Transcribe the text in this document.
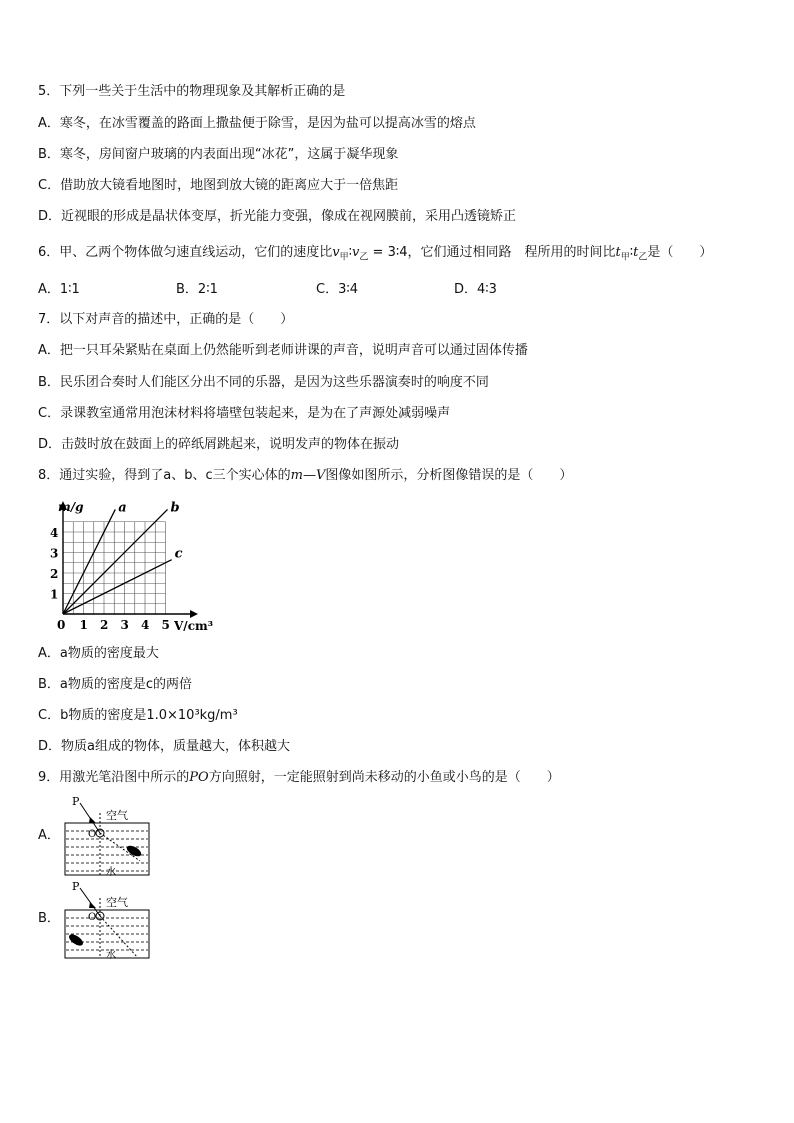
5．下列一些关于生活中的物理现象及其解析正确的是
A．寒冬，在冰雪覆盖的路面上撒盐便于除雪，是因为盐可以提高冰雪的熔点
B．寒冬，房间窗户玻璃的内表面出现“冰花”，这属于凝华现象
C．借助放大镜看地图时，地图到放大镜的距离应大于一倍焦距
D．近视眼的形成是晶状体变厚，折光能力变强，像成在视网膜前，采用凸透镜矫正
6．甲、乙两个物体做匀速直线运动，它们的速度比$v_甲∶v_乙$ = 3∶4，它们通过相同路　程所用的时间比$t_甲∶t_乙$是（　　）
A．1∶1	B．2∶1	C．3∶4	D．4∶3
7．以下对声音的描述中，正确的是（　　）
A．把一只耳朵紧贴在桌面上仍然能听到老师讲课的声音，说明声音可以通过固体传播
B．民乐团合奏时人们能区分出不同的乐器，是因为这些乐器演奏时的响度不同
C．录课教室通常用泡沫材料将墙壁包装起来，是为在了声源处减弱噪声
D．击鼓时放在鼓面上的碎纸屑跳起来，说明发声的物体在振动
8．通过实验，得到了a、b、c三个实心体的m—V图像如图所示，分析图像错误的是（　　）
a	b
c
1 2 3 4 5
1
2
3
4
m/g
V/cm³
0
A．a物质的密度最大
B．a物质的密度是c的两倍
C．b物质的密度是1.0×10³kg/m³
D．物质a组成的物体，质量越大，体积越大
9．用激光笔沿图中所示的PO方向照射，一定能照射到尚未移动的小鱼或小鸟的是（　　）
A．
P
O
空气
水
B．
P
O
空气
水
